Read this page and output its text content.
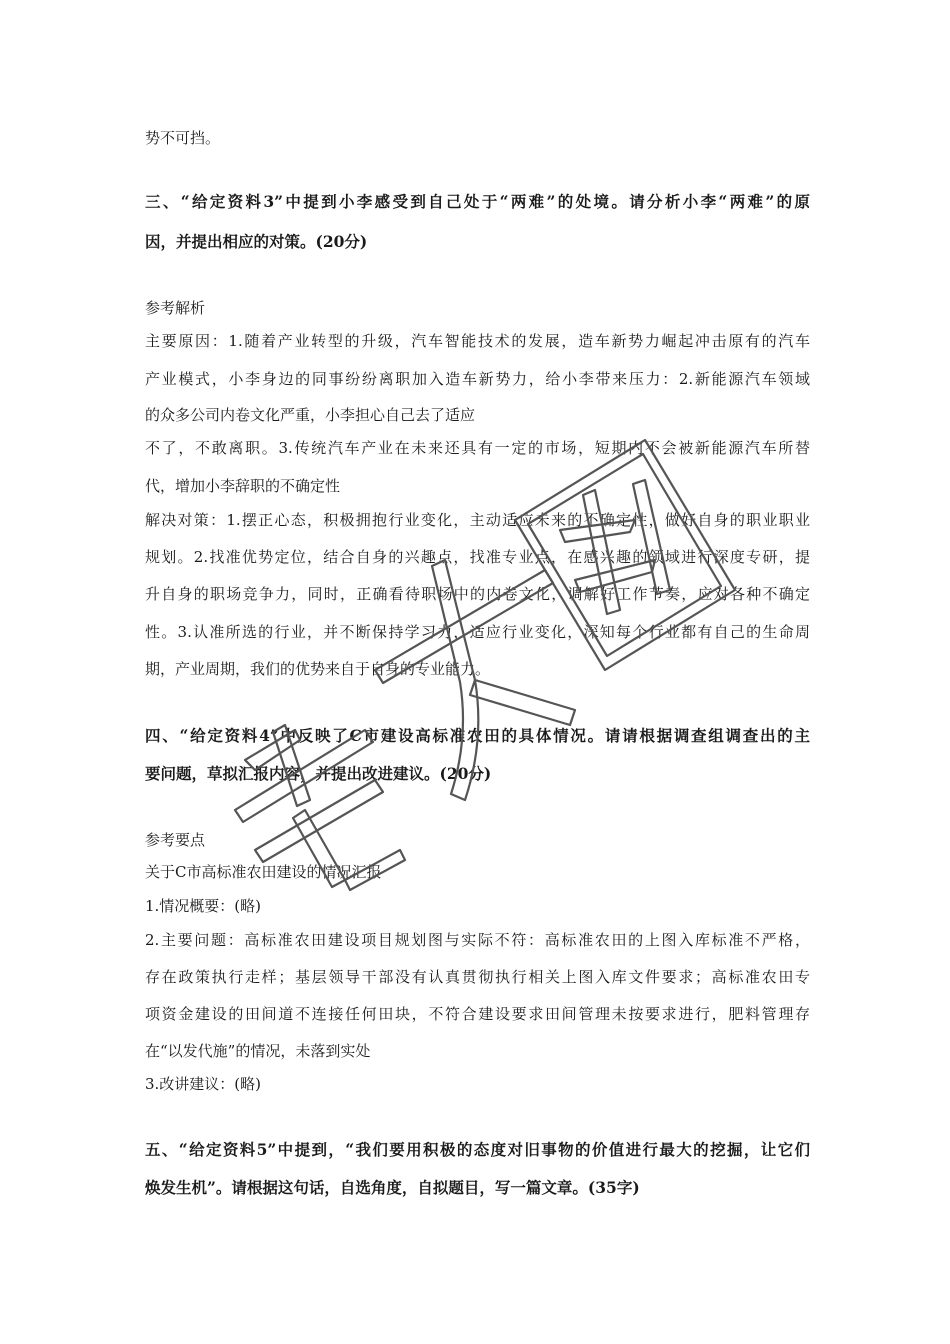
势不可挡。
三、“给定资料3”中提到小李感受到自己处于“两难”的处境。请分析小李“两难”的原
因，并提出相应的对策。(20分)
参考解析
主要原因：1.随着产业转型的升级，汽车智能技术的发展，造车新势力崛起冲击原有的汽车
产业模式，小李身边的同事纷纷离职加入造车新势力，给小李带来压力：2.新能源汽车领域
的众多公司内卷文化严重，小李担心自己去了适应
不了，不敢离职。3.传统汽车产业在未来还具有一定的市场，短期内不会被新能源汽车所替
代，增加小李辞职的不确定性
解决对策：1.摆正心态，积极拥抱行业变化，主动适应未来的不确定性，做好自身的职业职业
规划。2.找准优势定位，结合自身的兴趣点，找准专业点，在感兴趣的领域进行深度专研，提
升自身的职场竞争力，同时，正确看待职场中的内卷文化，调解好工作节奏，应对各种不确定
性。3.认准所选的行业，并不断保持学习力，适应行业变化，深知每个行业都有自己的生命周
期，产业周期，我们的优势来自于自身的专业能力。
四、“给定资料4”中反映了C市建设高标准农田的具体情况。请请根据调查组调查出的主
要问题，草拟汇报内容，并提出改进建议。(20分)
参考要点
关于C市高标准农田建设的情况汇报
1.情况概要：(略)
2.主要问题：高标准农田建设项目规划图与实际不符：高标准农田的上图入库标准不严格，
存在政策执行走样；基层领导干部没有认真贯彻执行相关上图入库文件要求；高标准农田专
项资金建设的田间道不连接任何田块，不符合建设要求田间管理未按要求进行，肥料管理存
在“以发代施”的情况，未落到实处
3.改讲建议：(略)
五、“给定资料5”中提到，“我们要用积极的态度对旧事物的价值进行最大的挖掘，让它们
焕发生机”。请根据这句话，自选角度，自拟题目，写一篇文章。(35字)
